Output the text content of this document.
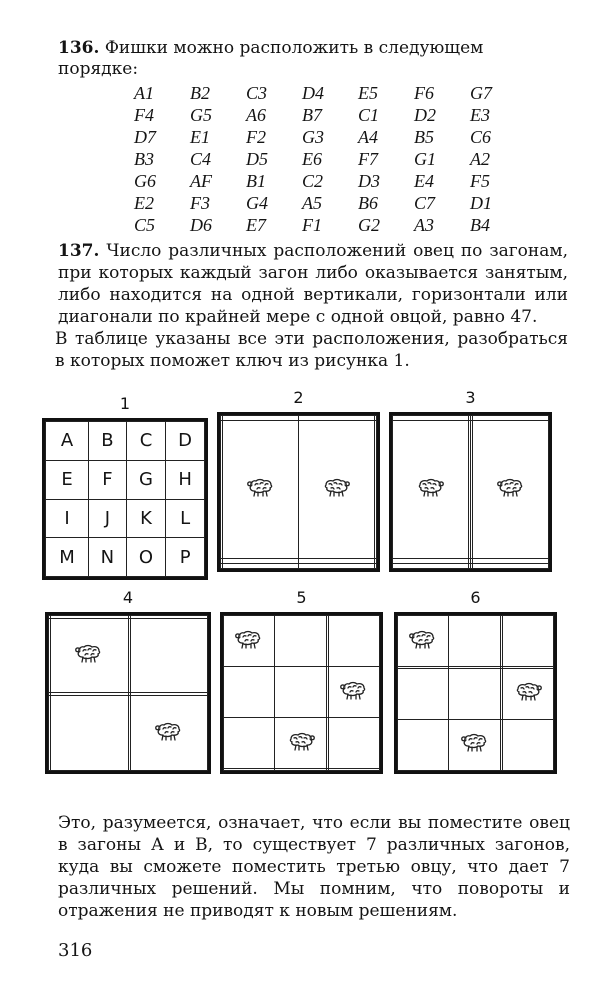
136. Фишки можно расположить в следующем порядке:
A1	B2	C3	D4	E5	F6	G7
F4	G5	A6	B7	C1	D2	E3
D7	E1	F2	G3	A4	B5	C6
B3	C4	D5	E6	F7	G1	A2
G6	AF	B1	C2	D3	E4	F5
E2	F3	G4	A5	B6	C7	D1
C5	D6	E7	F1	G2	A3	B4

137. Число различных расположений овец по загонам, при которых каждый загон либо оказывается занятым, либо находится на одной вертикали, горизонтали или диагонали по крайней мере с одной овцой, равно 47.

В таблице указаны все эти расположения, разобраться в которых поможет ключ из рисунка 1.

1
A	B	C	D
E	F	G	H
I	J	K	L
M	N	O	P
2

				3

4

				5

				6

Это, разумеется, означает, что если вы поместите овец в загоны А и В, то существует 7 различных загонов, куда вы сможете поместить третью овцу, что дает 7 различных решений. Мы помним, что повороты и отражения не приводят к новым решениям.

316
